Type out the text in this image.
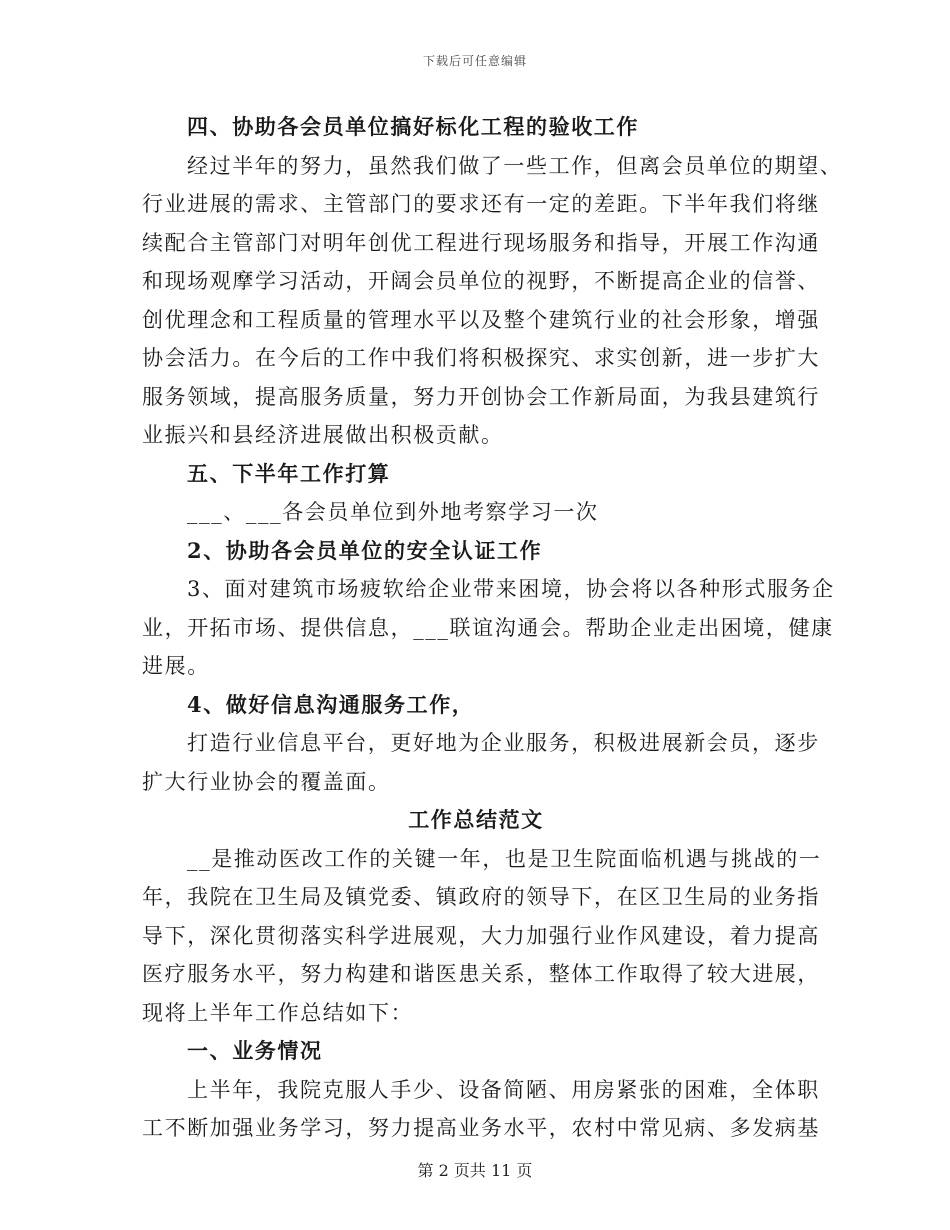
下载后可任意编辑
四、协助各会员单位搞好标化工程的验收工作
经过半年的努力，虽然我们做了一些工作，但离会员单位的期望、
行业进展的需求、主管部门的要求还有一定的差距。下半年我们将继
续配合主管部门对明年创优工程进行现场服务和指导，开展工作沟通
和现场观摩学习活动，开阔会员单位的视野，不断提高企业的信誉、
创优理念和工程质量的管理水平以及整个建筑行业的社会形象，增强
协会活力。在今后的工作中我们将积极探究、求实创新，进一步扩大
服务领域，提高服务质量，努力开创协会工作新局面，为我县建筑行
业振兴和县经济进展做出积极贡献。
五、下半年工作打算
___、___各会员单位到外地考察学习一次
2、协助各会员单位的安全认证工作
3、面对建筑市场疲软给企业带来困境，协会将以各种形式服务企
业，开拓市场、提供信息，___联谊沟通会。帮助企业走出困境，健康
进展。
4、做好信息沟通服务工作，
打造行业信息平台，更好地为企业服务，积极进展新会员，逐步
扩大行业协会的覆盖面。
工作总结范文
__是推动医改工作的关键一年，也是卫生院面临机遇与挑战的一
年，我院在卫生局及镇党委、镇政府的领导下，在区卫生局的业务指
导下，深化贯彻落实科学进展观，大力加强行业作风建设，着力提高
医疗服务水平，努力构建和谐医患关系，整体工作取得了较大进展，
现将上半年工作总结如下：
一、业务情况
上半年，我院克服人手少、设备简陋、用房紧张的困难，全体职
工不断加强业务学习，努力提高业务水平，农村中常见病、多发病基
第 2 页共 11 页
